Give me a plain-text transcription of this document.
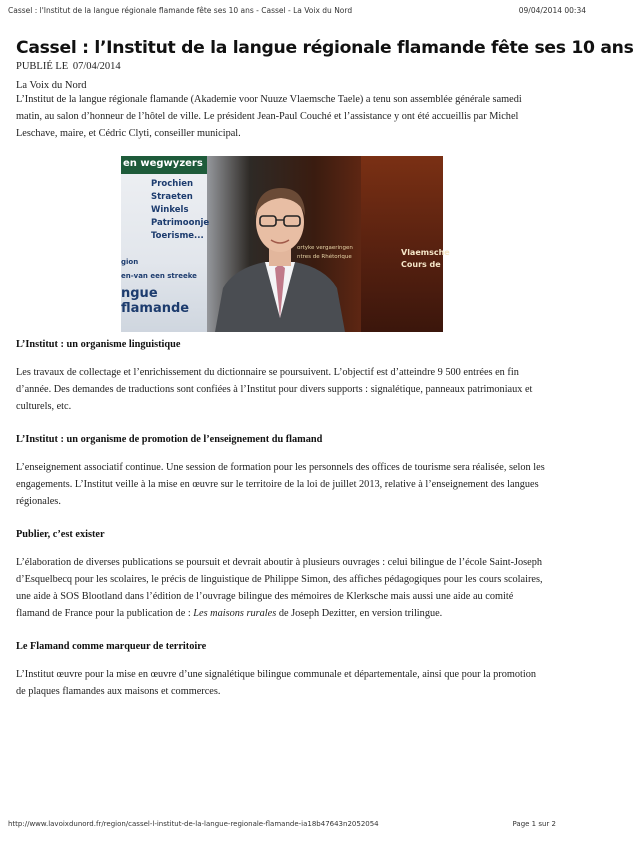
Cassel : l'Institut de la langue régionale flamande fête ses 10 ans - Cassel - La Voix du Nord	09/04/2014 00:34
Cassel : l’Institut de la langue régionale flamande fête ses 10 ans
PUBLIÉ LE 07/04/2014
La Voix du Nord

L’Institut de la langue régionale flamande (Akademie voor Nuuze Vlaemsche Taele) a tenu son assemblée générale samedi matin, au salon d’honneur de l’hôtel de ville. Le président Jean-Paul Couché et l’assistance y ont été accueillis par Michel Leschave, maire, et Cédric Clyti, conseiller municipal.

en wegwyzers
Prochien
Straeten
Winkels
Patrimoonje
Toerisme...
gion
en-van een streeke
ngue flamande
ortyke vergaeringen
ntres de Rhétorique	Vlaemsche
Cours de
L’Institut : un organisme linguistique

Les travaux de collectage et l’enrichissement du dictionnaire se poursuivent. L’objectif est d’atteindre 9 500 entrées en fin d’année. Des demandes de traductions sont confiées à l’Institut pour divers supports : signalétique, panneaux patrimoniaux et culturels, etc.

L’Institut : un organisme de promotion de l’enseignement du flamand

L’enseignement associatif continue. Une session de formation pour les personnels des offices de tourisme sera réalisée, selon les engagements. L’Institut veille à la mise en œuvre sur le territoire de la loi de juillet 2013, relative à l’enseignement des langues régionales.

Publier, c’est exister

L’élaboration de diverses publications se poursuit et devrait aboutir à plusieurs ouvrages : celui bilingue de l’école Saint-Joseph d’Esquelbecq pour les scolaires, le précis de linguistique de Philippe Simon, des affiches pédagogiques pour les cours scolaires, une aide à SOS Blootland dans l’édition de l’ouvrage bilingue des mémoires de Klerksche mais aussi une aide au comité flamand de France pour la publication de : Les maisons rurales de Joseph Dezitter, en version trilingue.

Le Flamand comme marqueur de territoire

L’Institut œuvre pour la mise en œuvre d’une signalétique bilingue communale et départementale, ainsi que pour la promotion de plaques flamandes aux maisons et commerces.

http://www.lavoixdunord.fr/region/cassel-l-institut-de-la-langue-regionale-flamande-ia18b47643n2052054	Page 1 sur 2
